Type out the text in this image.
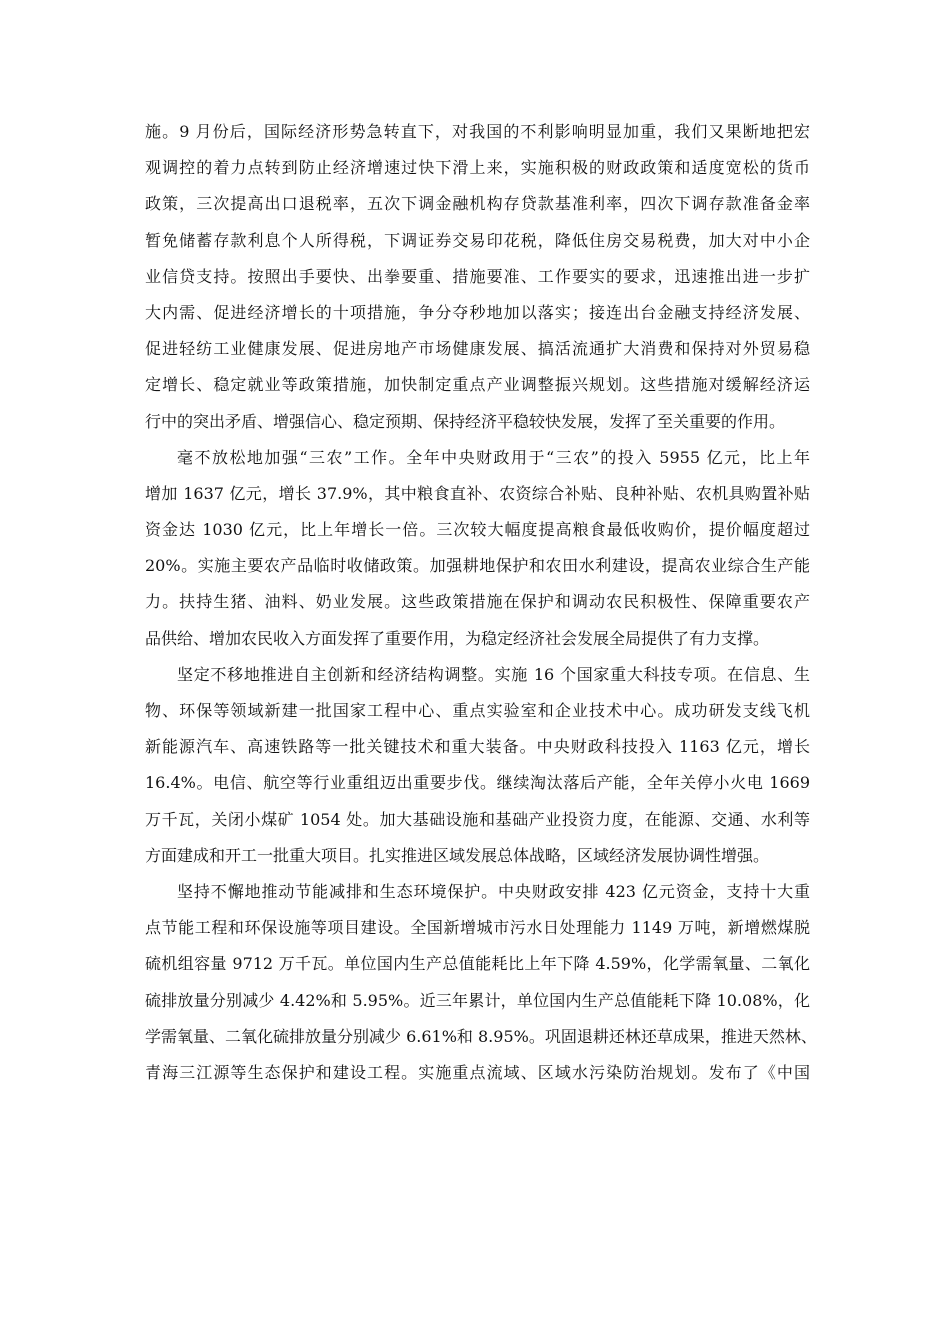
施。9 月份后，国际经济形势急转直下，对我国的不利影响明显加重，我们又果断地把宏
观调控的着力点转到防止经济增速过快下滑上来，实施积极的财政政策和适度宽松的货币
政策，三次提高出口退税率，五次下调金融机构存贷款基准利率，四次下调存款准备金率
暂免储蓄存款利息个人所得税，下调证券交易印花税，降低住房交易税费，加大对中小企
业信贷支持。按照出手要快、出拳要重、措施要准、工作要实的要求，迅速推出进一步扩
大内需、促进经济增长的十项措施，争分夺秒地加以落实；接连出台金融支持经济发展、
促进轻纺工业健康发展、促进房地产市场健康发展、搞活流通扩大消费和保持对外贸易稳
定增长、稳定就业等政策措施，加快制定重点产业调整振兴规划。这些措施对缓解经济运
行中的突出矛盾、增强信心、稳定预期、保持经济平稳较快发展，发挥了至关重要的作用。
毫不放松地加强“三农”工作。全年中央财政用于“三农”的投入 5955 亿元，比上年
增加 1637 亿元，增长 37.9%，其中粮食直补、农资综合补贴、良种补贴、农机具购置补贴
资金达 1030 亿元，比上年增长一倍。三次较大幅度提高粮食最低收购价，提价幅度超过
20%。实施主要农产品临时收储政策。加强耕地保护和农田水利建设，提高农业综合生产能
力。扶持生猪、油料、奶业发展。这些政策措施在保护和调动农民积极性、保障重要农产
品供给、增加农民收入方面发挥了重要作用，为稳定经济社会发展全局提供了有力支撑。
坚定不移地推进自主创新和经济结构调整。实施 16 个国家重大科技专项。在信息、生
物、环保等领域新建一批国家工程中心、重点实验室和企业技术中心。成功研发支线飞机
新能源汽车、高速铁路等一批关键技术和重大装备。中央财政科技投入 1163 亿元，增长
16.4%。电信、航空等行业重组迈出重要步伐。继续淘汰落后产能，全年关停小火电 1669
万千瓦，关闭小煤矿 1054 处。加大基础设施和基础产业投资力度，在能源、交通、水利等
方面建成和开工一批重大项目。扎实推进区域发展总体战略，区域经济发展协调性增强。
坚持不懈地推动节能减排和生态环境保护。中央财政安排 423 亿元资金，支持十大重
点节能工程和环保设施等项目建设。全国新增城市污水日处理能力 1149 万吨，新增燃煤脱
硫机组容量 9712 万千瓦。单位国内生产总值能耗比上年下降 4.59%，化学需氧量、二氧化
硫排放量分别减少 4.42%和 5.95%。近三年累计，单位国内生产总值能耗下降 10.08%，化
学需氧量、二氧化硫排放量分别减少 6.61%和 8.95%。巩固退耕还林还草成果，推进天然林、
青海三江源等生态保护和建设工程。实施重点流域、区域水污染防治规划。发布了《中国
